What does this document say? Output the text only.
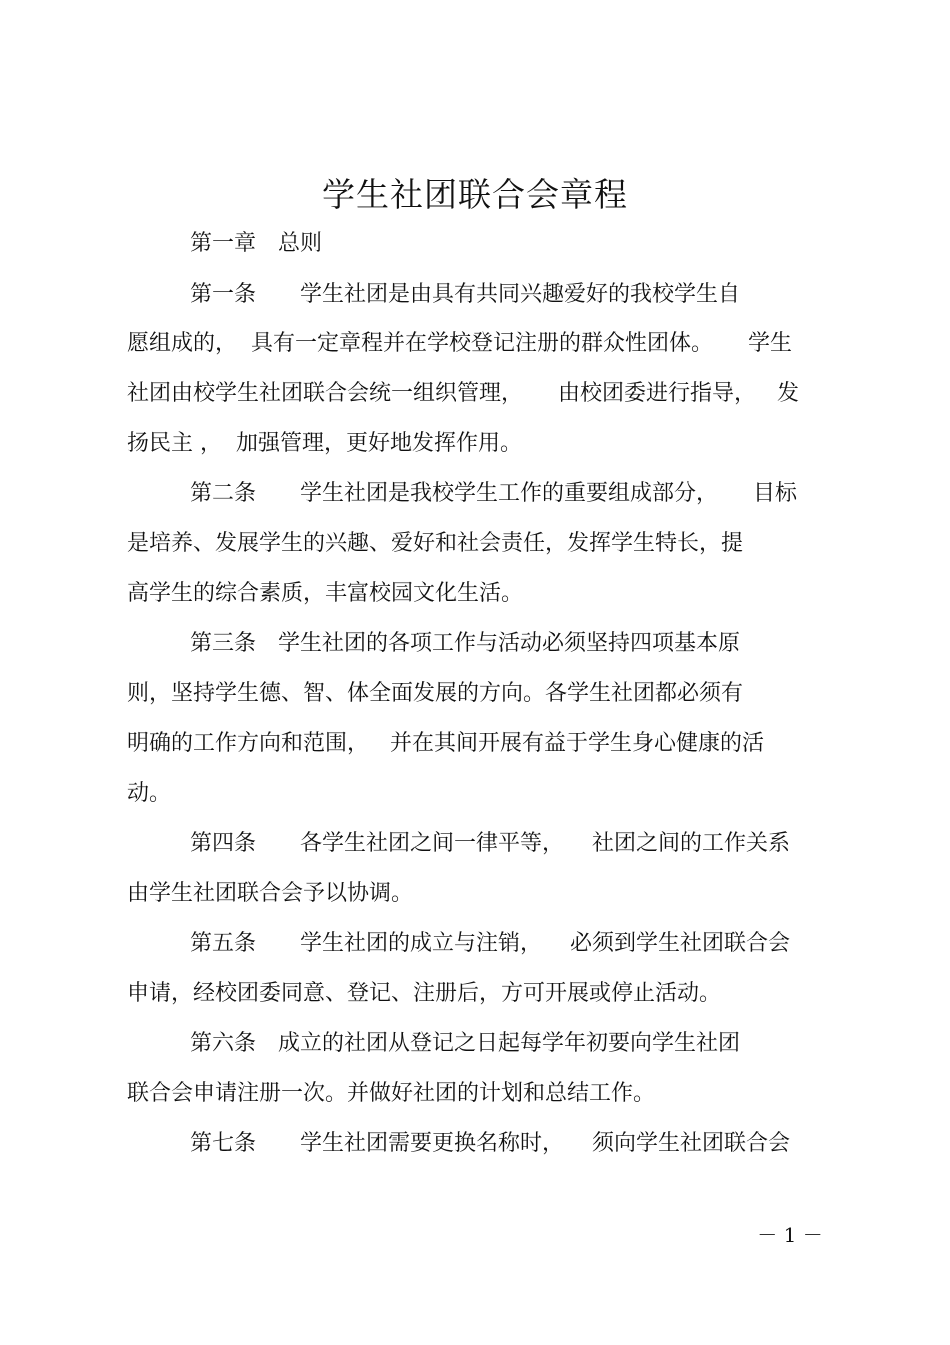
学生社团联合会章程
第一章　总则
第一条　　学生社团是由具有共同兴趣爱好的我校学生自
愿组成的，  具有一定章程并在学校登记注册的群众性团体。     学生
社团由校学生社团联合会统一组织管理，     由校团委进行指导，   发
扬民主 ，  加强管理，更好地发挥作用。
第二条　　学生社团是我校学生工作的重要组成部分，     目标
是培养、发展学生的兴趣、爱好和社会责任，发挥学生特长，提
高学生的综合素质，丰富校园文化生活。
第三条　学生社团的各项工作与活动必须坚持四项基本原
则，坚持学生德、智、体全面发展的方向。各学生社团都必须有
明确的工作方向和范围，   并在其间开展有益于学生身心健康的活
动。
第四条　　各学生社团之间一律平等，    社团之间的工作关系
由学生社团联合会予以协调。
第五条　　学生社团的成立与注销，    必须到学生社团联合会
申请，经校团委同意、登记、注册后，方可开展或停止活动。
第六条　成立的社团从登记之日起每学年初要向学生社团
联合会申请注册一次。并做好社团的计划和总结工作。
第七条　　学生社团需要更换名称时，    须向学生社团联合会
－ 1 －
